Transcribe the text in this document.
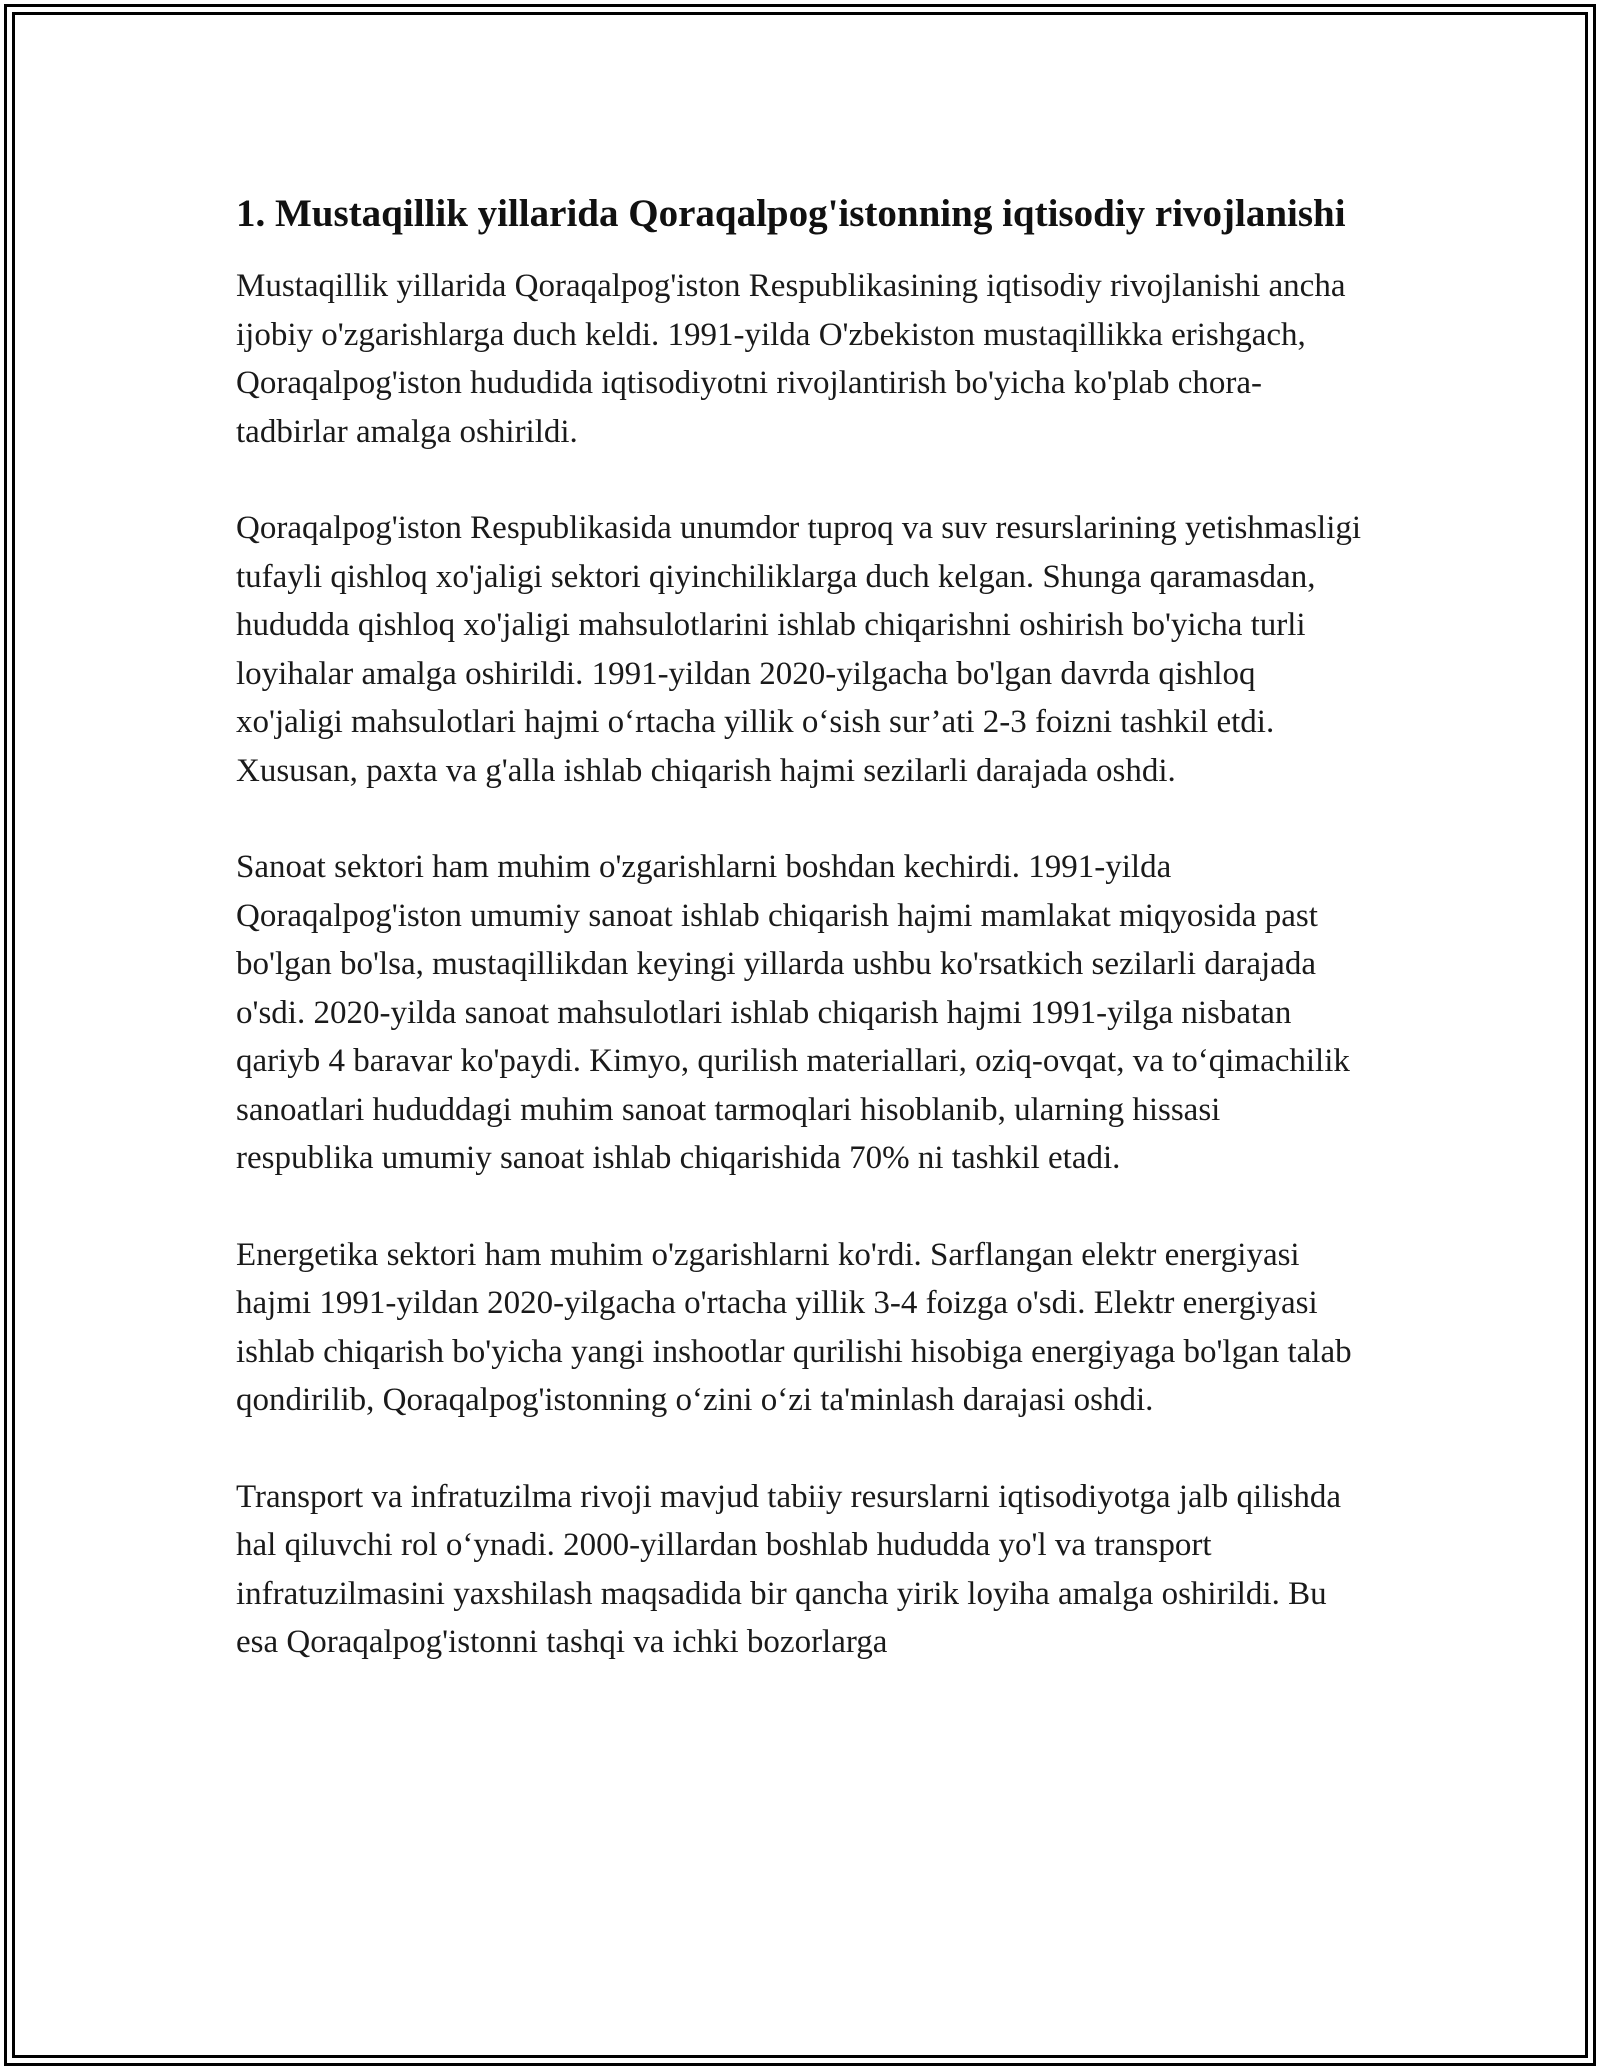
1. Mustaqillik yillarida Qoraqalpog'istonning iqtisodiy rivojlanishi

Mustaqillik yillarida Qoraqalpog'iston Respublikasining iqtisodiy rivojlanishi ancha ijobiy o'zgarishlarga duch keldi. 1991-yilda O'zbekiston mustaqillikka erishgach, Qoraqalpog'iston hududida iqtisodiyotni rivojlantirish bo'yicha ko'plab chora-tadbirlar amalga oshirildi.

Qoraqalpog'iston Respublikasida unumdor tuproq va suv resurslarining yetishmasligi tufayli qishloq xo'jaligi sektori qiyinchiliklarga duch kelgan. Shunga qaramasdan, hududda qishloq xo'jaligi mahsulotlarini ishlab chiqarishni oshirish bo'yicha turli loyihalar amalga oshirildi. 1991-yildan 2020-yilgacha bo'lgan davrda qishloq xo'jaligi mahsulotlari hajmi o‘rtacha yillik o‘sish sur’ati 2-3 foizni tashkil etdi. Xususan, paxta va g'alla ishlab chiqarish hajmi sezilarli darajada oshdi.

Sanoat sektori ham muhim o'zgarishlarni boshdan kechirdi. 1991-yilda Qoraqalpog'iston umumiy sanoat ishlab chiqarish hajmi mamlakat miqyosida past bo'lgan bo'lsa, mustaqillikdan keyingi yillarda ushbu ko'rsatkich sezilarli darajada o'sdi. 2020-yilda sanoat mahsulotlari ishlab chiqarish hajmi 1991-yilga nisbatan qariyb 4 baravar ko'paydi. Kimyo, qurilish materiallari, oziq-ovqat, va to‘qimachilik sanoatlari hududdagi muhim sanoat tarmoqlari hisoblanib, ularning hissasi respublika umumiy sanoat ishlab chiqarishida 70% ni tashkil etadi.

Energetika sektori ham muhim o'zgarishlarni ko'rdi. Sarflangan elektr energiyasi hajmi 1991-yildan 2020-yilgacha o'rtacha yillik 3-4 foizga o'sdi. Elektr energiyasi ishlab chiqarish bo'yicha yangi inshootlar qurilishi hisobiga energiyaga bo'lgan talab qondirilib, Qoraqalpog'istonning o‘zini o‘zi ta'minlash darajasi oshdi.

Transport va infratuzilma rivoji mavjud tabiiy resurslarni iqtisodiyotga jalb qilishda hal qiluvchi rol o‘ynadi. 2000-yillardan boshlab hududda yo'l va transport infratuzilmasini yaxshilash maqsadida bir qancha yirik loyiha amalga oshirildi. Bu esa Qoraqalpog'istonni tashqi va ichki bozorlarga
